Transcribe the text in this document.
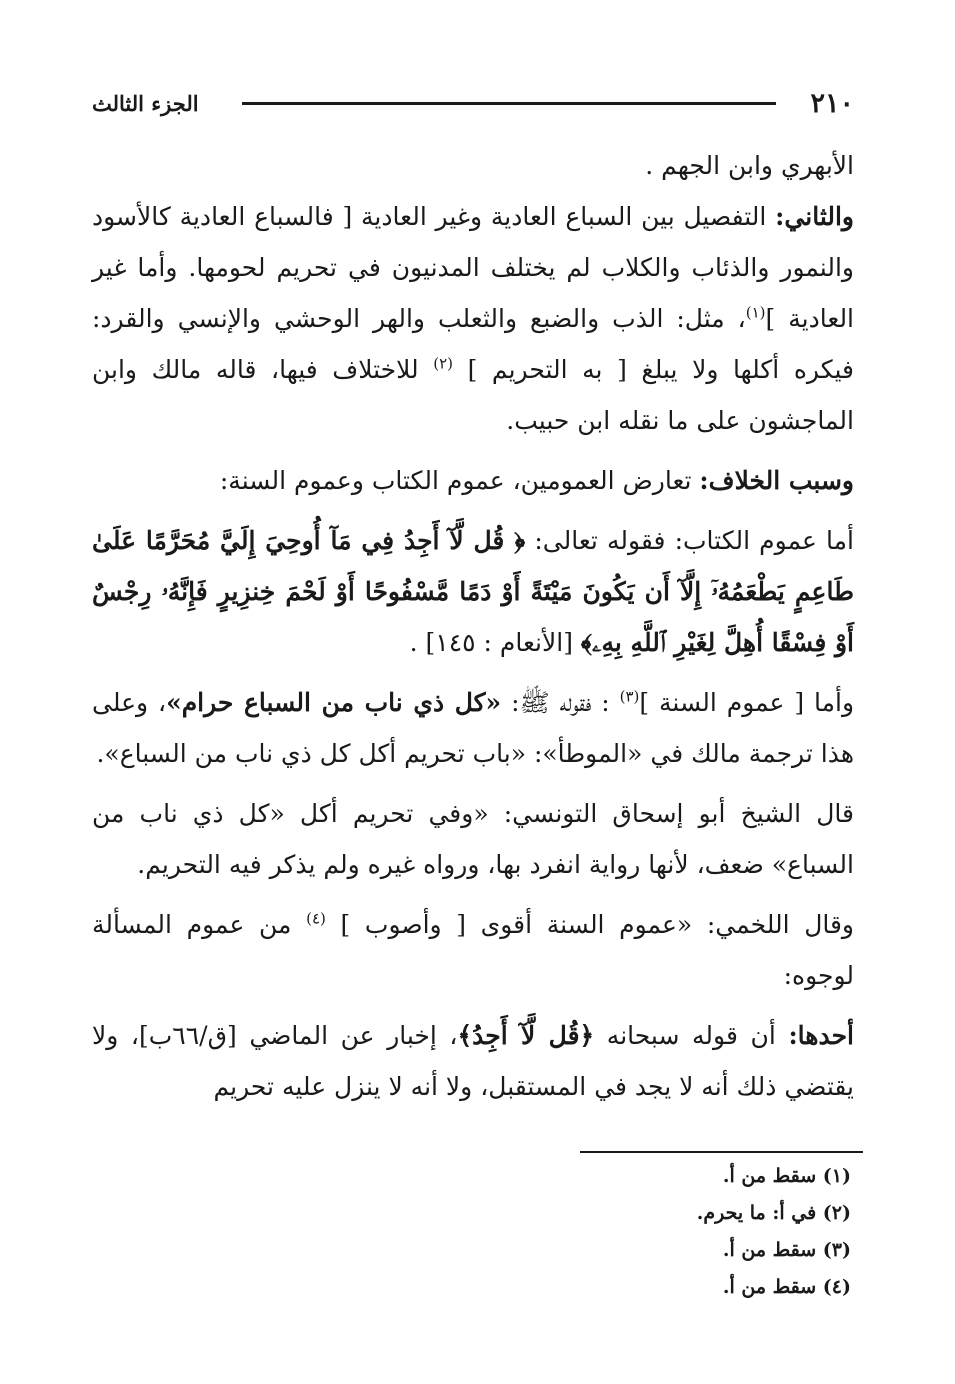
٢١٠
الجزء الثالث

الأبهري وابن الجهم .

والثاني: التفصيل بين السباع العادية وغير العادية [ فالسباع العادية كالأسود والنمور والذئاب والكلاب لم يختلف المدنيون في تحريم لحومها. وأما غير العادية ]$^{(١)}$، مثل: الذب والضبع والثعلب والهر الوحشي والإنسي والقرد: فيكره أكلها ولا يبلغ [ به التحريم ] $^{(٢)}$ للاختلاف فيها، قاله مالك وابن الماجشون على ما نقله ابن حبيب.

وسبب الخلاف: تعارض العمومين، عموم الكتاب وعموم السنة:

أما عموم الكتاب: فقوله تعالى: ﴿ قُل لَّآ أَجِدُ فِي مَآ أُوحِيَ إِلَيَّ مُحَرَّمًا عَلَىٰ طَاعِمٍ يَطْعَمُهُۥٓ إِلَّآ أَن يَكُونَ مَيْتَةً أَوْ دَمًا مَّسْفُوحًا أَوْ لَحْمَ خِنزِيرٍ فَإِنَّهُۥ رِجْسٌ أَوْ فِسْقًا أُهِلَّ لِغَيْرِ ٱللَّهِ بِهِۦ﴾ [الأنعام : ١٤٥] .

وأما [ عموم السنة ]$^{(٣)}$ : فقوله ﷺ: «كل ذي ناب من السباع حرام»، وعلى هذا ترجمة مالك في «الموطأ»: «باب تحريم أكل كل ذي ناب من السباع».

قال الشيخ أبو إسحاق التونسي: «وفي تحريم أكل «كل ذي ناب من السباع» ضعف، لأنها رواية انفرد بها، ورواه غيره ولم يذكر فيه التحريم.

وقال اللخمي: «عموم السنة أقوى [ وأصوب ] $^{(٤)}$ من عموم المسألة لوجوه:

أحدها: أن قوله سبحانه ﴿قُل لَّآ أَجِدُ﴾، إخبار عن الماضي [ق/٦٦ب]، ولا يقتضي ذلك أنه لا يجد في المستقبل، ولا أنه لا ينزل عليه تحريم

(١) سقط من أ.
(٢) في أ: ما يحرم.
(٣) سقط من أ.
(٤) سقط من أ.
